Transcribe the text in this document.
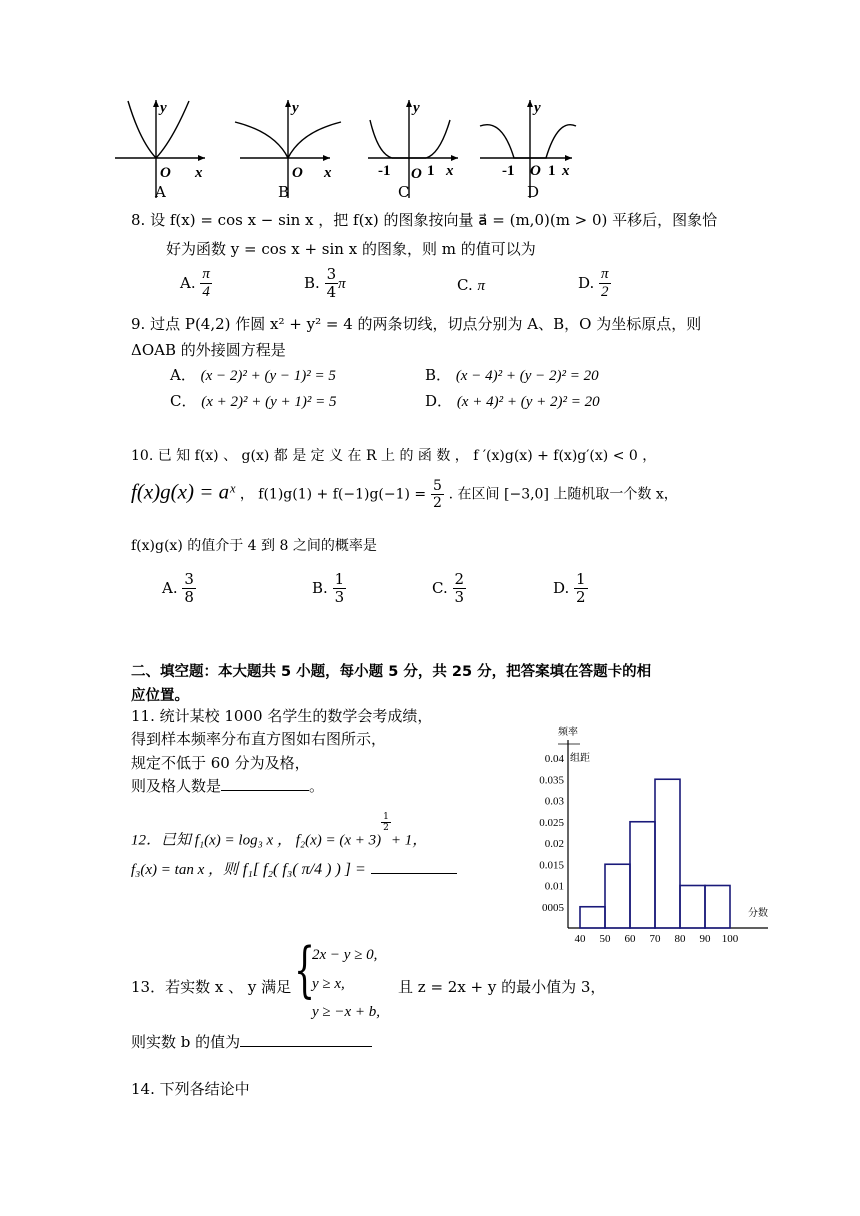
y
O x
y
O x
y
-1 O 1 x
y
-1 O 1 x
A	B	C	D
8. 设 f(x) = cos x − sin x ，把 f(x) 的图象按向量 a⃗ = (m,0)(m > 0) 平移后，图象恰
好为函数 y = cos x + sin x 的图象，则 m 的值可以为
A. $\frac{\pi}{4}$	B. $\frac{3}{4}$ π	C. π	D. $\frac{\pi}{2}$
9. 过点 P(4,2) 作圆 x² + y² = 4 的两条切线，切点分别为 A、B，O 为坐标原点，则
ΔOAB 的外接圆方程是
A． (x − 2)² + (y − 1)² = 5	B． (x − 4)² + (y − 2)² = 20
C． (x + 2)² + (y + 1)² = 5	D． (x + 4)² + (y + 2)² = 20
10. 已 知 f(x) 、 g(x) 都 是 定 义 在 R 上 的 函 数 ， f ′(x)g(x) + f(x)g′(x) < 0 ，
f(x)g(x) = aˣ ， $f(1)g(1) + f(-1)g(-1) = \frac{5}{2}$ . 在区间 [−3,0] 上随机取一个数 x，
f(x)g(x) 的值介于 4 到 8 之间的概率是
A. $\frac{3}{8}$	B. $\frac{1}{3}$	C. $\frac{2}{3}$	D. $\frac{1}{2}$
二、填空题：本大题共 5 小题，每小题 5 分，共 25 分，把答案填在答题卡的相
应位置。
11. 统计某校 1000 名学生的数学会考成绩，
得到样本频率分布直方图如右图所示，
规定不低于 60 分为及格，
则及格人数是	。
12．已知 f₁(x) = log₃ x ， f₂(x) = (x + 3)
$\frac{1}{2}$
+ 1，
f₃(x) = tan x ，则 f₁[ f₂( f₃( π/4 ) ) ] =
频率
组距
0.04
0.035
0.03
0.025
0.02
0.015
0.01
0005
40 50 60 70 80 90 100
分数
13．若实数 x 、 y 满足 {
2x − y ≥ 0,
y ≥ x,
y ≥ −x + b,
且 z = 2x + y 的最小值为 3，
则实数 b 的值为
14. 下列各结论中
